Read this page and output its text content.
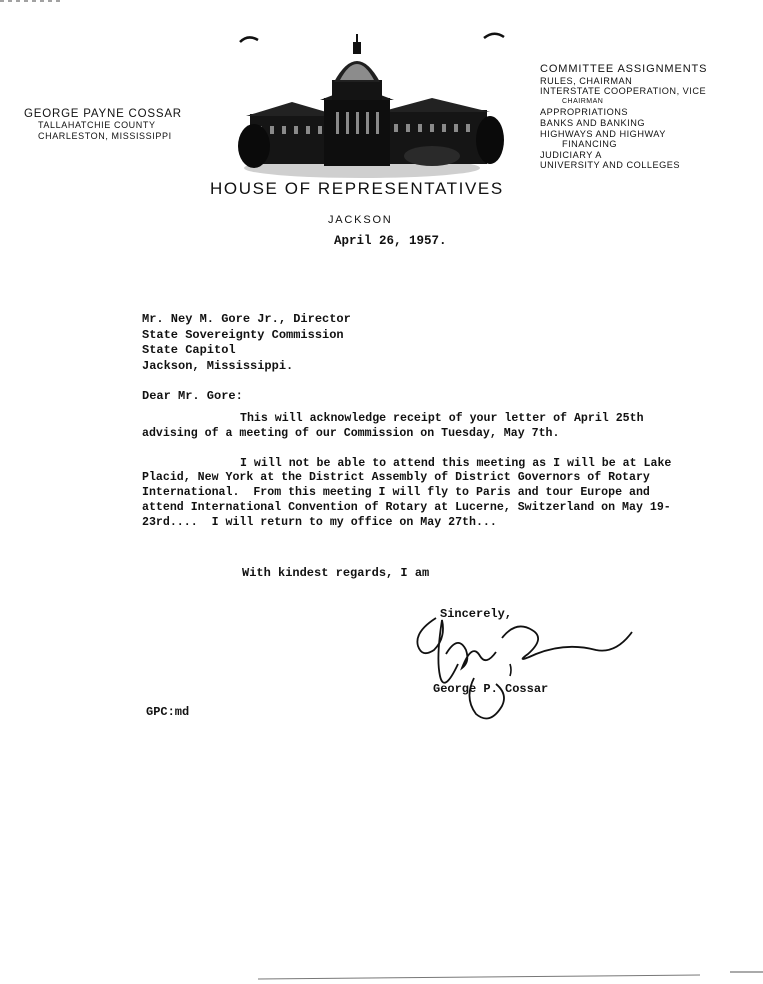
GEORGE PAYNE COSSAR
TALLAHATCHIE COUNTY
CHARLESTON, MISSISSIPPI
COMMITTEE ASSIGNMENTS
RULES, CHAIRMAN
INTERSTATE COOPERATION, VICE
CHAIRMAN
APPROPRIATIONS
BANKS AND BANKING
HIGHWAYS AND HIGHWAY
FINANCING
JUDICIARY A
UNIVERSITY AND COLLEGES
HOUSE OF REPRESENTATIVES
JACKSON
April 26, 1957.
Mr. Ney M. Gore Jr., Director
State Sovereignty Commission
State Capitol
Jackson, Mississippi.
Dear Mr. Gore:

This will acknowledge receipt of your letter of April 25th advising of a meeting of our Commission on Tuesday, May 7th.

I will not be able to attend this meeting as I will be at Lake Placid, New York at the District Assembly of District Governors of Rotary International.  From this meeting I will fly to Paris and tour Europe and attend International Convention of Rotary at Lucerne, Switzerland on May 19-23rd....  I will return to my office on May 27th...

With kindest regards, I am
Sincerely,
George P. Cossar
GPC:md
